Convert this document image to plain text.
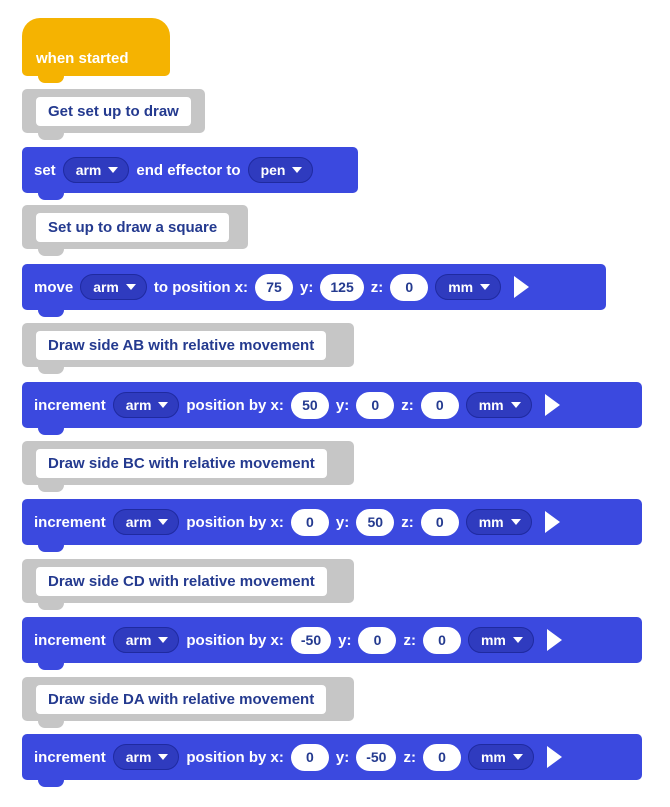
when started
Get set up to draw
set arm end effector to pen
Set up to draw a square
move arm to position x:	75	y:	125	z:	0	mm
Draw side AB with relative movement
increment arm position by x:	50	y:	0	z:	0	mm
Draw side BC with relative movement
increment arm position by x:	0	y:	50	z:	0	mm
Draw side CD with relative movement
increment arm position by x:	-50	y:	0	z:	0	mm
Draw side DA with relative movement
increment arm position by x:	0	y:	-50	z:	0	mm
